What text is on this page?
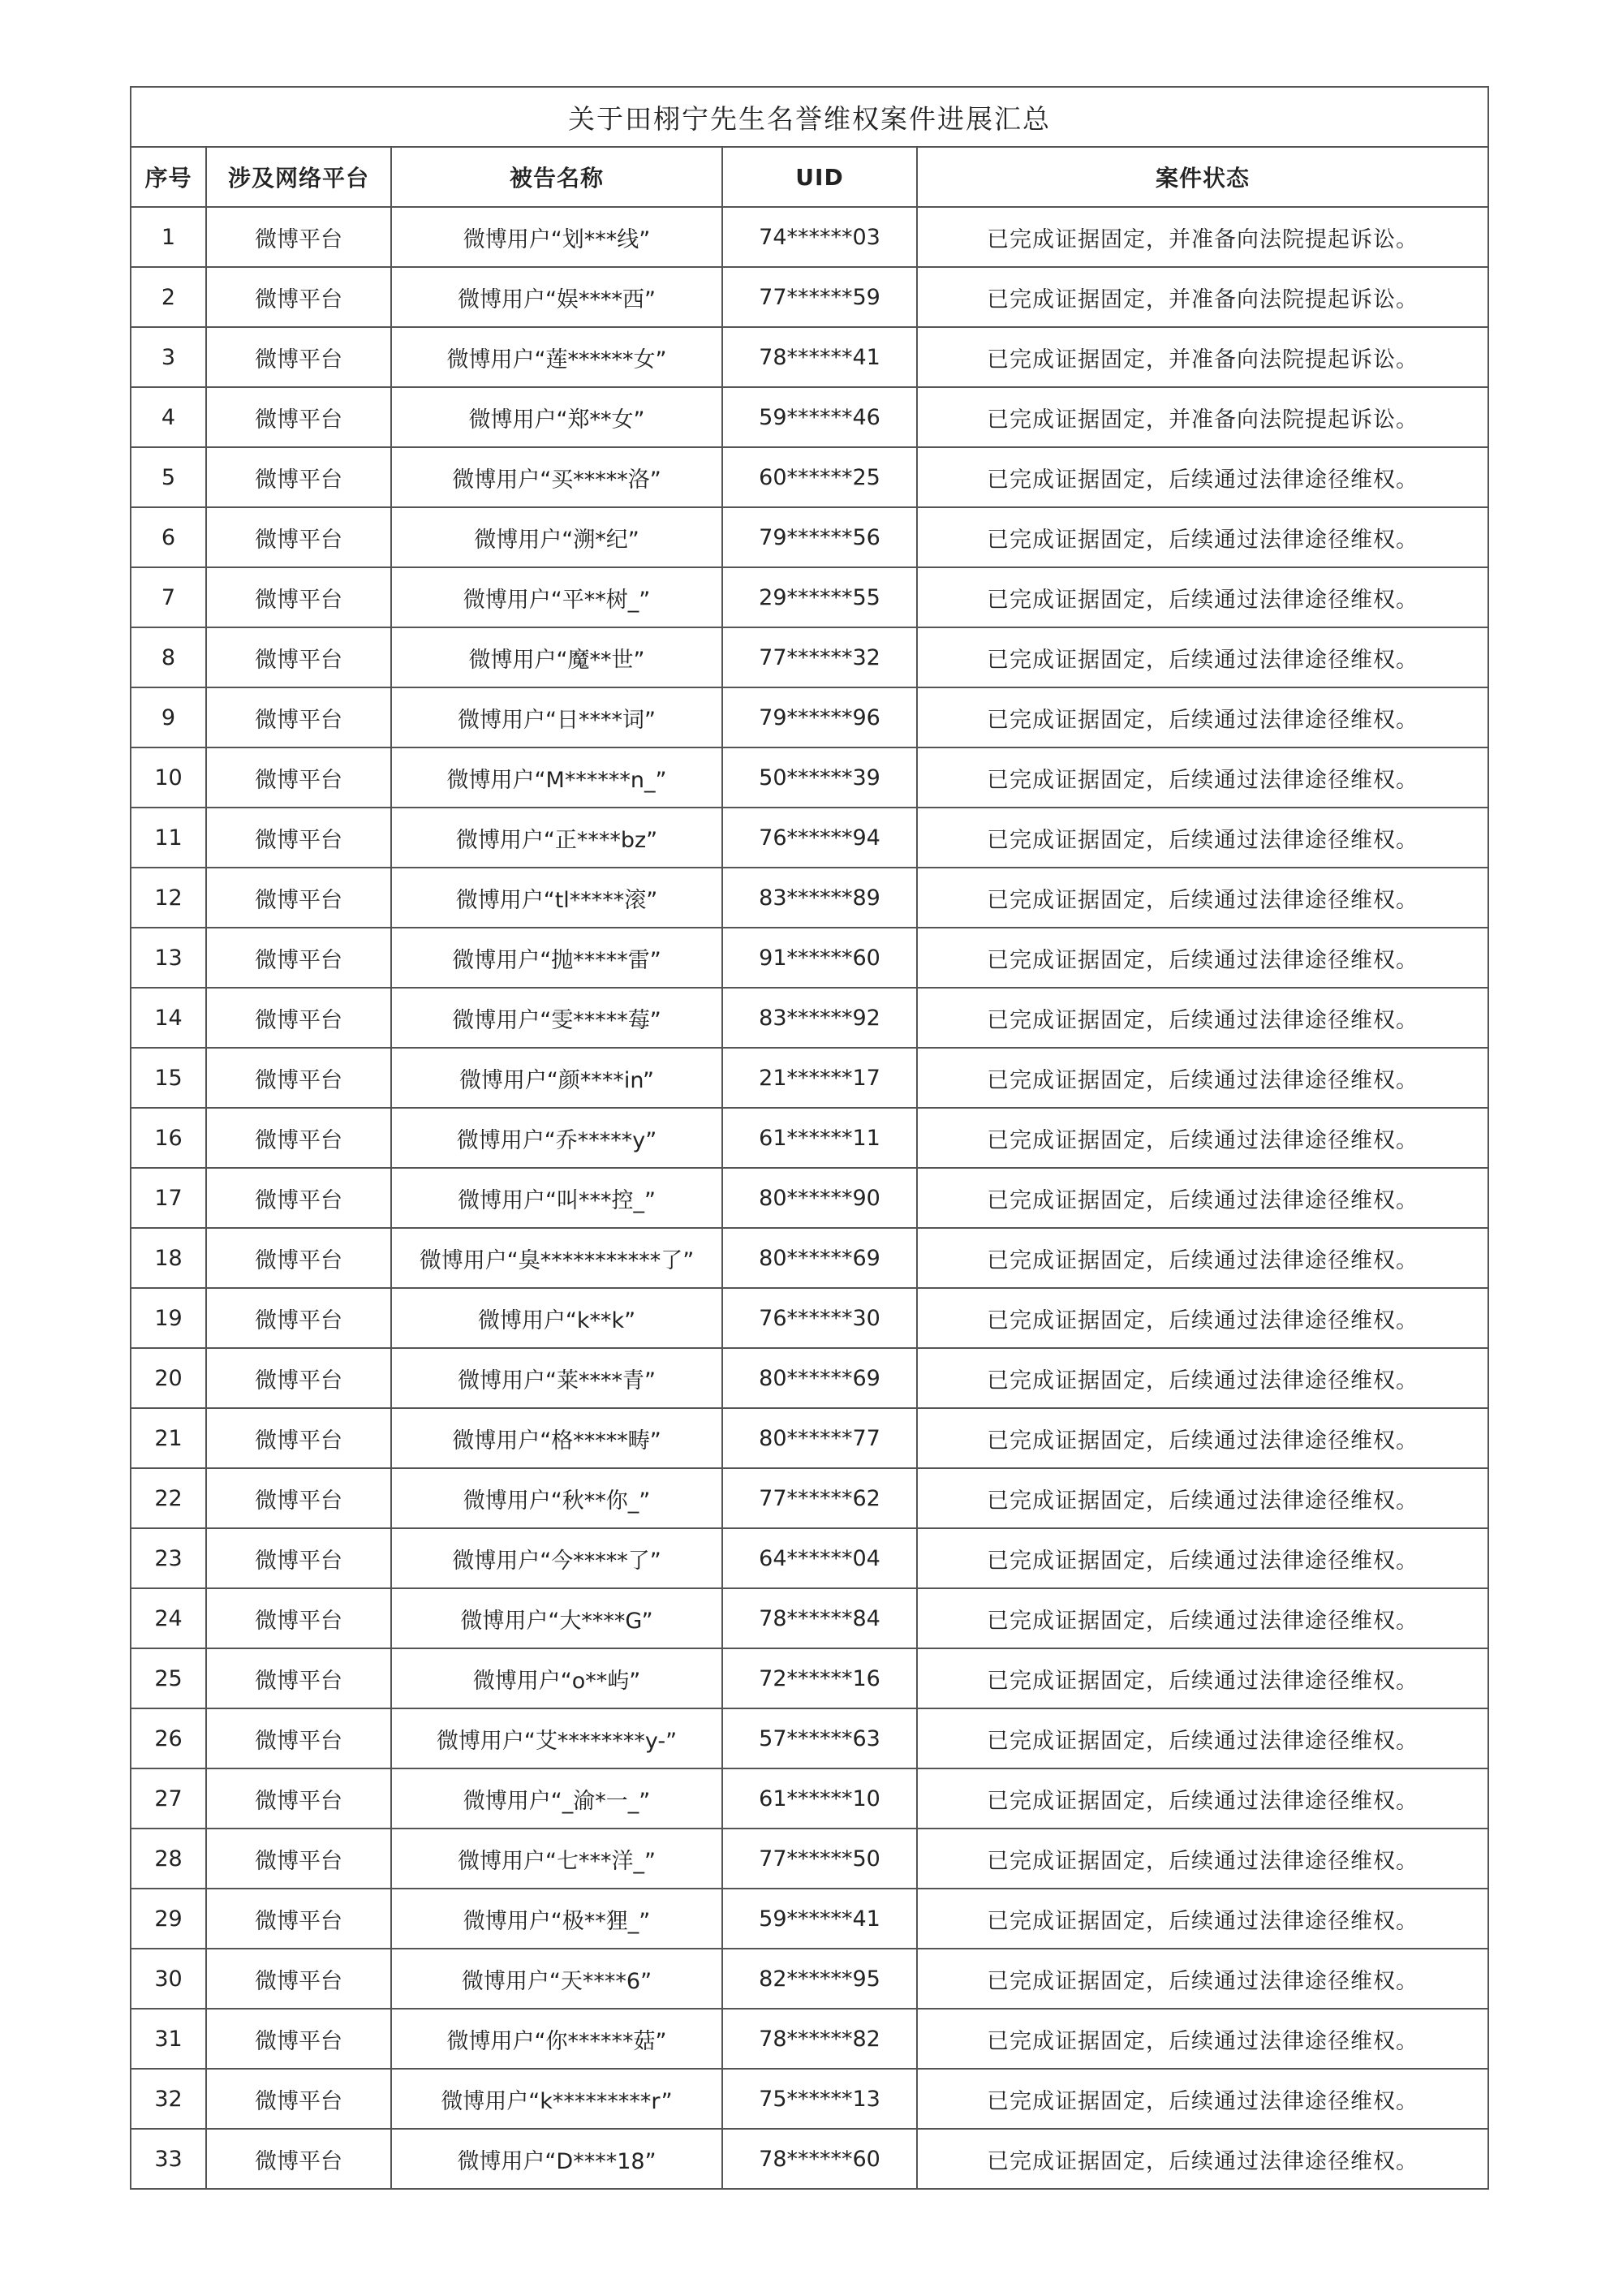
关于田栩宁先生名誉维权案件进展汇总				
序号	涉及网络平台	被告名称	UID	案件状态
1	微博平台	微博用户“划***线”	74******03	已完成证据固定，并准备向法院提起诉讼。
2	微博平台	微博用户“娱****西”	77******59	已完成证据固定，并准备向法院提起诉讼。
3	微博平台	微博用户“莲******女”	78******41	已完成证据固定，并准备向法院提起诉讼。
4	微博平台	微博用户“郑**女”	59******46	已完成证据固定，并准备向法院提起诉讼。
5	微博平台	微博用户“买*****洛”	60******25	已完成证据固定，后续通过法律途径维权。
6	微博平台	微博用户“溯*纪”	79******56	已完成证据固定，后续通过法律途径维权。
7	微博平台	微博用户“平**树_”	29******55	已完成证据固定，后续通过法律途径维权。
8	微博平台	微博用户“魔**世”	77******32	已完成证据固定，后续通过法律途径维权。
9	微博平台	微博用户“日****词”	79******96	已完成证据固定，后续通过法律途径维权。
10	微博平台	微博用户“M******n_”	50******39	已完成证据固定，后续通过法律途径维权。
11	微博平台	微博用户“正****bz”	76******94	已完成证据固定，后续通过法律途径维权。
12	微博平台	微博用户“tl*****滚”	83******89	已完成证据固定，后续通过法律途径维权。
13	微博平台	微博用户“抛*****雷”	91******60	已完成证据固定，后续通过法律途径维权。
14	微博平台	微博用户“雯*****莓”	83******92	已完成证据固定，后续通过法律途径维权。
15	微博平台	微博用户“颜****in”	21******17	已完成证据固定，后续通过法律途径维权。
16	微博平台	微博用户“乔*****y”	61******11	已完成证据固定，后续通过法律途径维权。
17	微博平台	微博用户“叫***控_”	80******90	已完成证据固定，后续通过法律途径维权。
18	微博平台	微博用户“臭***********了”	80******69	已完成证据固定，后续通过法律途径维权。
19	微博平台	微博用户“k**k”	76******30	已完成证据固定，后续通过法律途径维权。
20	微博平台	微博用户“莱****青”	80******69	已完成证据固定，后续通过法律途径维权。
21	微博平台	微博用户“格*****畴”	80******77	已完成证据固定，后续通过法律途径维权。
22	微博平台	微博用户“秋**你_”	77******62	已完成证据固定，后续通过法律途径维权。
23	微博平台	微博用户“今*****了”	64******04	已完成证据固定，后续通过法律途径维权。
24	微博平台	微博用户“大****G”	78******84	已完成证据固定，后续通过法律途径维权。
25	微博平台	微博用户“o**屿”	72******16	已完成证据固定，后续通过法律途径维权。
26	微博平台	微博用户“艾********y-”	57******63	已完成证据固定，后续通过法律途径维权。
27	微博平台	微博用户“_渝*一_”	61******10	已完成证据固定，后续通过法律途径维权。
28	微博平台	微博用户“七***洋_”	77******50	已完成证据固定，后续通过法律途径维权。
29	微博平台	微博用户“极**狸_”	59******41	已完成证据固定，后续通过法律途径维权。
30	微博平台	微博用户“天****6”	82******95	已完成证据固定，后续通过法律途径维权。
31	微博平台	微博用户“你******菇”	78******82	已完成证据固定，后续通过法律途径维权。
32	微博平台	微博用户“k*********r”	75******13	已完成证据固定，后续通过法律途径维权。
33	微博平台	微博用户“D****18”	78******60	已完成证据固定，后续通过法律途径维权。
